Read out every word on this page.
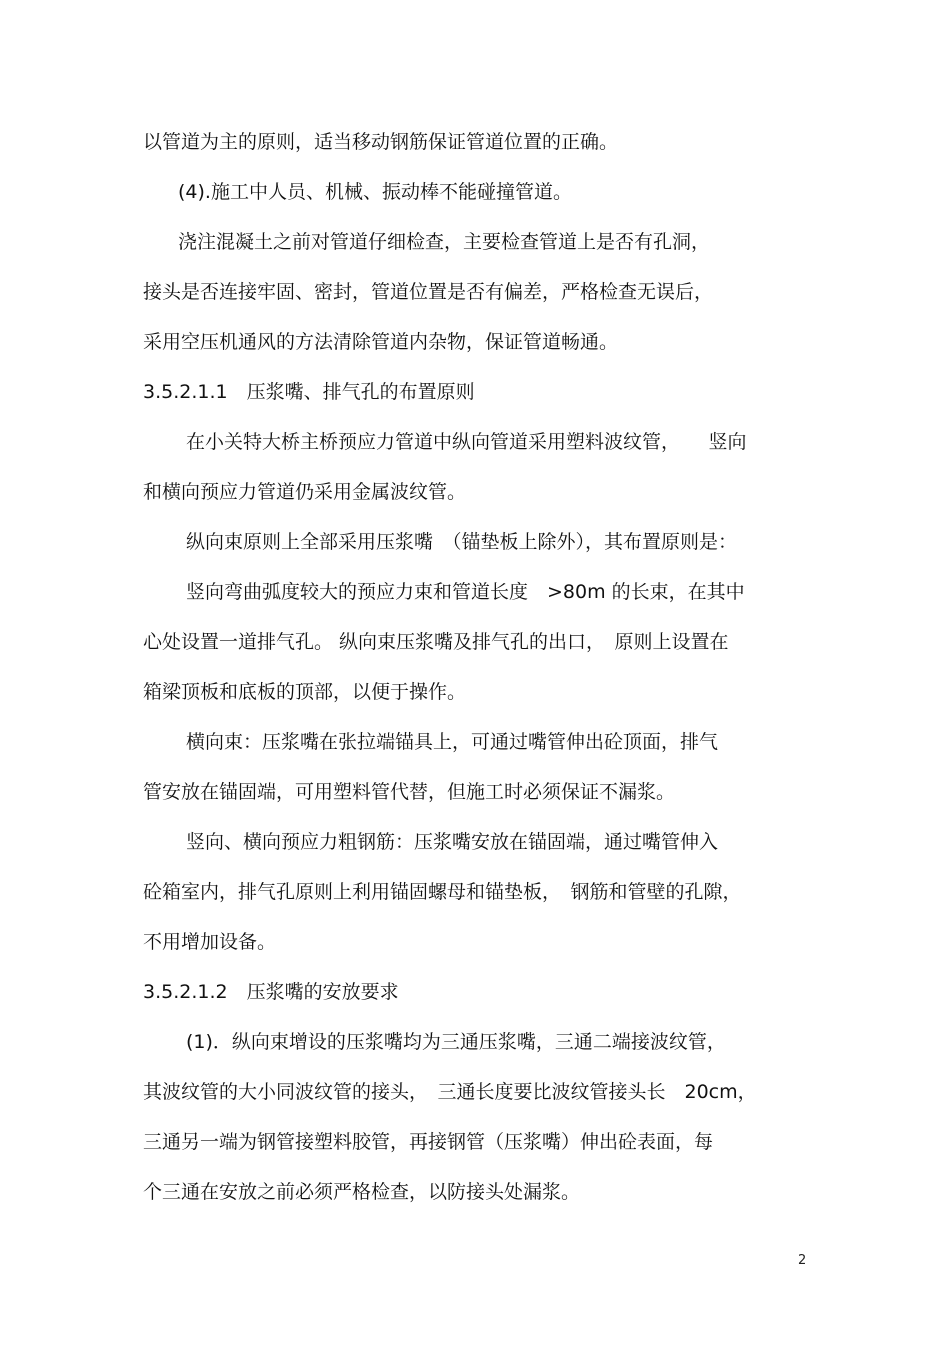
以管道为主的原则，适当移动钢筋保证管道位置的正确。

(4).施工中人员、机械、振动棒不能碰撞管道。

浇注混凝土之前对管道仔细检查，主要检查管道上是否有孔洞，

接头是否连接牢固、密封，管道位置是否有偏差，严格检查无误后，

采用空压机通风的方法清除管道内杂物，保证管道畅通。

3.5.2.1.1　压浆嘴、排气孔的布置原则

在小关特大桥主桥预应力管道中纵向管道采用塑料波纹管，　　竖向

和横向预应力管道仍采用金属波纹管。

纵向束原则上全部采用压浆嘴　（锚垫板上除外），其布置原则是：

竖向弯曲弧度较大的预应力束和管道长度　>80m 的长束，在其中

心处设置一道排气孔。 纵向束压浆嘴及排气孔的出口，　原则上设置在

箱梁顶板和底板的顶部，以便于操作。

横向束：压浆嘴在张拉端锚具上，可通过嘴管伸出砼顶面，排气

管安放在锚固端，可用塑料管代替，但施工时必须保证不漏浆。

竖向、横向预应力粗钢筋：压浆嘴安放在锚固端，通过嘴管伸入

砼箱室内，排气孔原则上利用锚固螺母和锚垫板，　钢筋和管壁的孔隙，

不用增加设备。

3.5.2.1.2　压浆嘴的安放要求

(1)．纵向束增设的压浆嘴均为三通压浆嘴，三通二端接波纹管，

其波纹管的大小同波纹管的接头，　三通长度要比波纹管接头长　20cm，

三通另一端为钢管接塑料胶管，再接钢管（压浆嘴）伸出砼表面，每

个三通在安放之前必须严格检查，以防接头处漏浆。

2
